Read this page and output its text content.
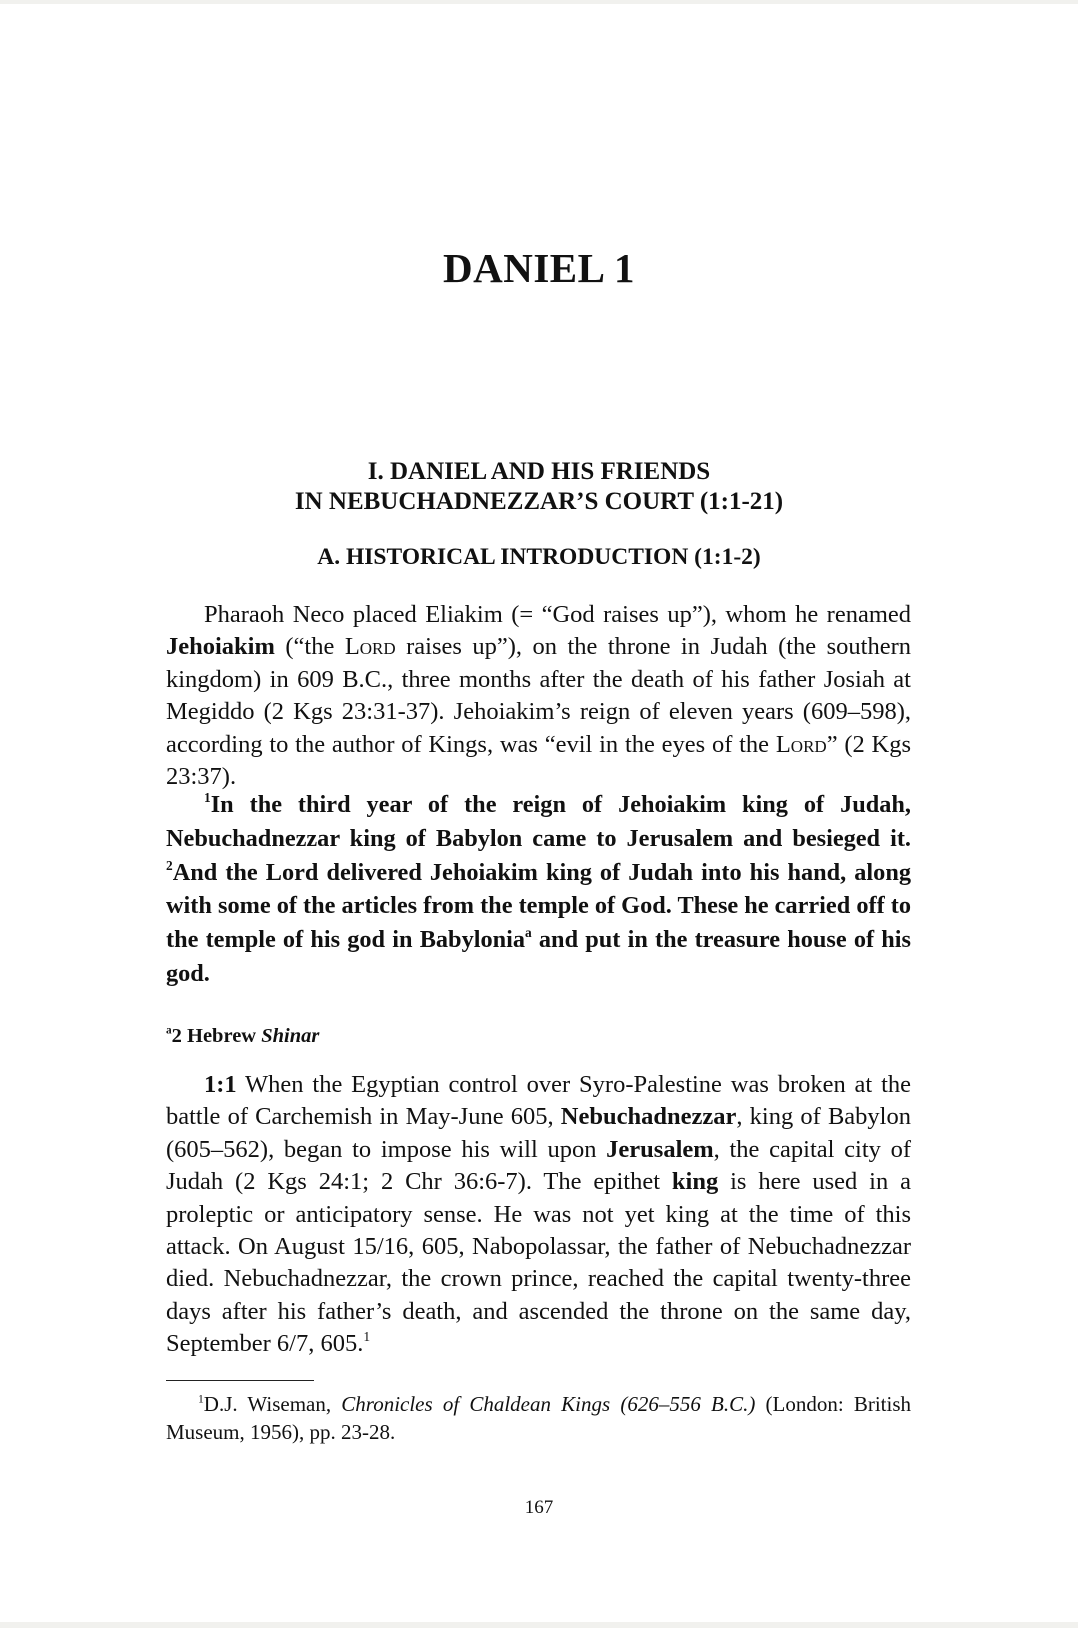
DANIEL 1
I. DANIEL AND HIS FRIENDS
IN NEBUCHADNEZZAR’S COURT (1:1-21)
A. HISTORICAL INTRODUCTION (1:1-2)

Pharaoh Neco placed Eliakim (= “God raises up”), whom he renamed Jehoiakim (“the Lord raises up”), on the throne in Judah (the southern kingdom) in 609 B.C., three months after the death of his father Josiah at Megiddo (2 Kgs 23:31-37). Jehoiakim’s reign of eleven years (609–598), according to the author of Kings, was “evil in the eyes of the Lord” (2 Kgs 23:37).

$^1$In the third year of the reign of Jehoiakim king of Judah, Nebuchadnezzar king of Babylon came to Jerusalem and besieged it. $^2$And the Lord delivered Jehoiakim king of Judah into his hand, along with some of the articles from the temple of God. These he carried off to the temple of his god in Babylonia$^a$ and put in the treasure house of his god.

$^a$2 Hebrew Shinar

1:1 When the Egyptian control over Syro-Palestine was broken at the battle of Carchemish in May-June 605, Nebuchadnezzar, king of Babylon (605–562), began to impose his will upon Jerusalem, the capital city of Judah (2 Kgs 24:1; 2 Chr 36:6-7). The epithet king is here used in a proleptic or anticipatory sense. He was not yet king at the time of this attack. On August 15/16, 605, Nabopolassar, the father of Nebuchadnezzar died. Nebuchadnezzar, the crown prince, reached the capital twenty-three days after his father’s death, and ascended the throne on the same day, September 6/7, 605.$^1$

$^1$D.J. Wiseman, Chronicles of Chaldean Kings (626–556 B.C.) (London: British Museum, 1956), pp. 23-28.

167
